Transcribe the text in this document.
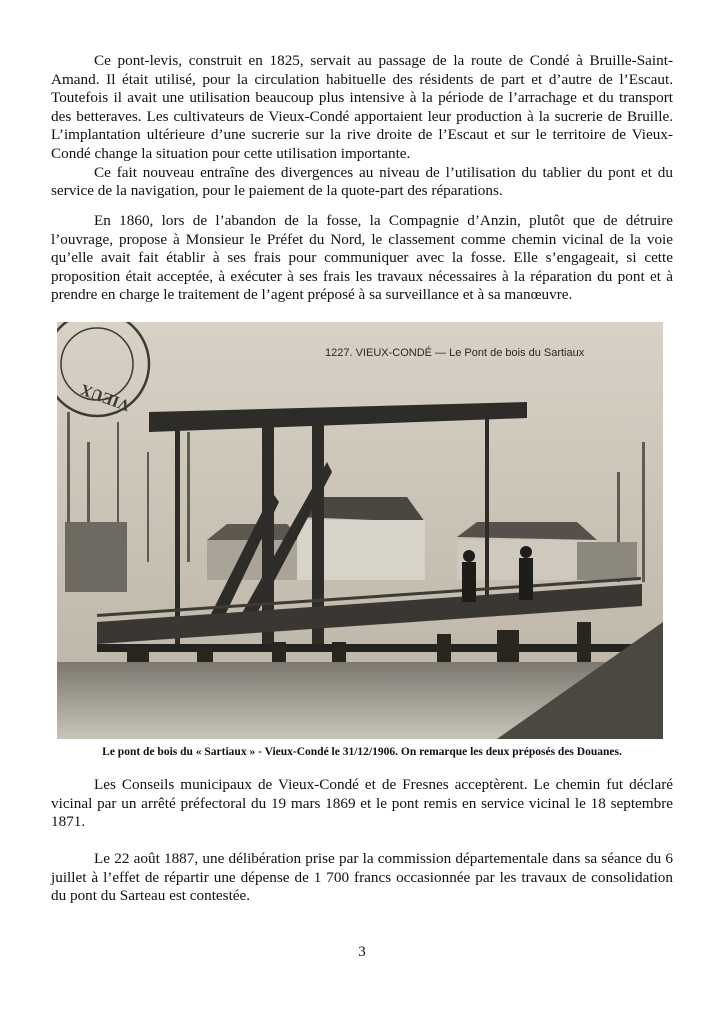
Ce pont-levis, construit en 1825, servait au passage de la route de Condé à Bruille-Saint-Amand. Il était utilisé, pour la circulation habituelle des résidents de part et d’autre de l’Escaut. Toutefois il avait une utilisation beaucoup plus intensive à la période de l’arrachage et du transport des betteraves. Les cultivateurs de Vieux-Condé apportaient leur production à la sucrerie de Bruille. L’implantation ultérieure d’une sucrerie sur la rive droite de l’Escaut et sur le territoire de Vieux-Condé change la situation pour cette utilisation importante.

Ce fait nouveau entraîne des divergences au niveau de l’utilisation du tablier du pont et du service de la navigation, pour le paiement de la quote-part des réparations.

En 1860, lors de l’abandon de la fosse, la Compagnie d’Anzin, plutôt que de détruire l’ouvrage, propose à Monsieur le Préfet du Nord, le classement comme chemin vicinal de la voie qu’elle avait fait établir à ses frais pour communiquer avec la fosse. Elle s’engageait, si cette proposition était acceptée, à exécuter à ses frais les travaux nécessaires à la réparation du pont et à prendre en charge le traitement de l’agent préposé à sa surveillance et à sa manœuvre.

VIEUX
1227. VIEUX-CONDÉ — Le Pont de bois du Sartiaux
Le pont de bois du « Sartiaux » - Vieux-Condé le 31/12/1906. On remarque les deux préposés des Douanes.

Les Conseils municipaux de Vieux-Condé et de Fresnes acceptèrent. Le chemin fut déclaré vicinal par un arrêté préfectoral du 19 mars 1869 et le pont remis en service vicinal le 18 septembre 1871.

Le 22 août 1887, une délibération prise par la commission départementale dans sa séance du 6 juillet à l’effet de répartir une dépense de 1 700 francs occasionnée par les travaux de consolidation du pont du Sarteau est contestée.

3
